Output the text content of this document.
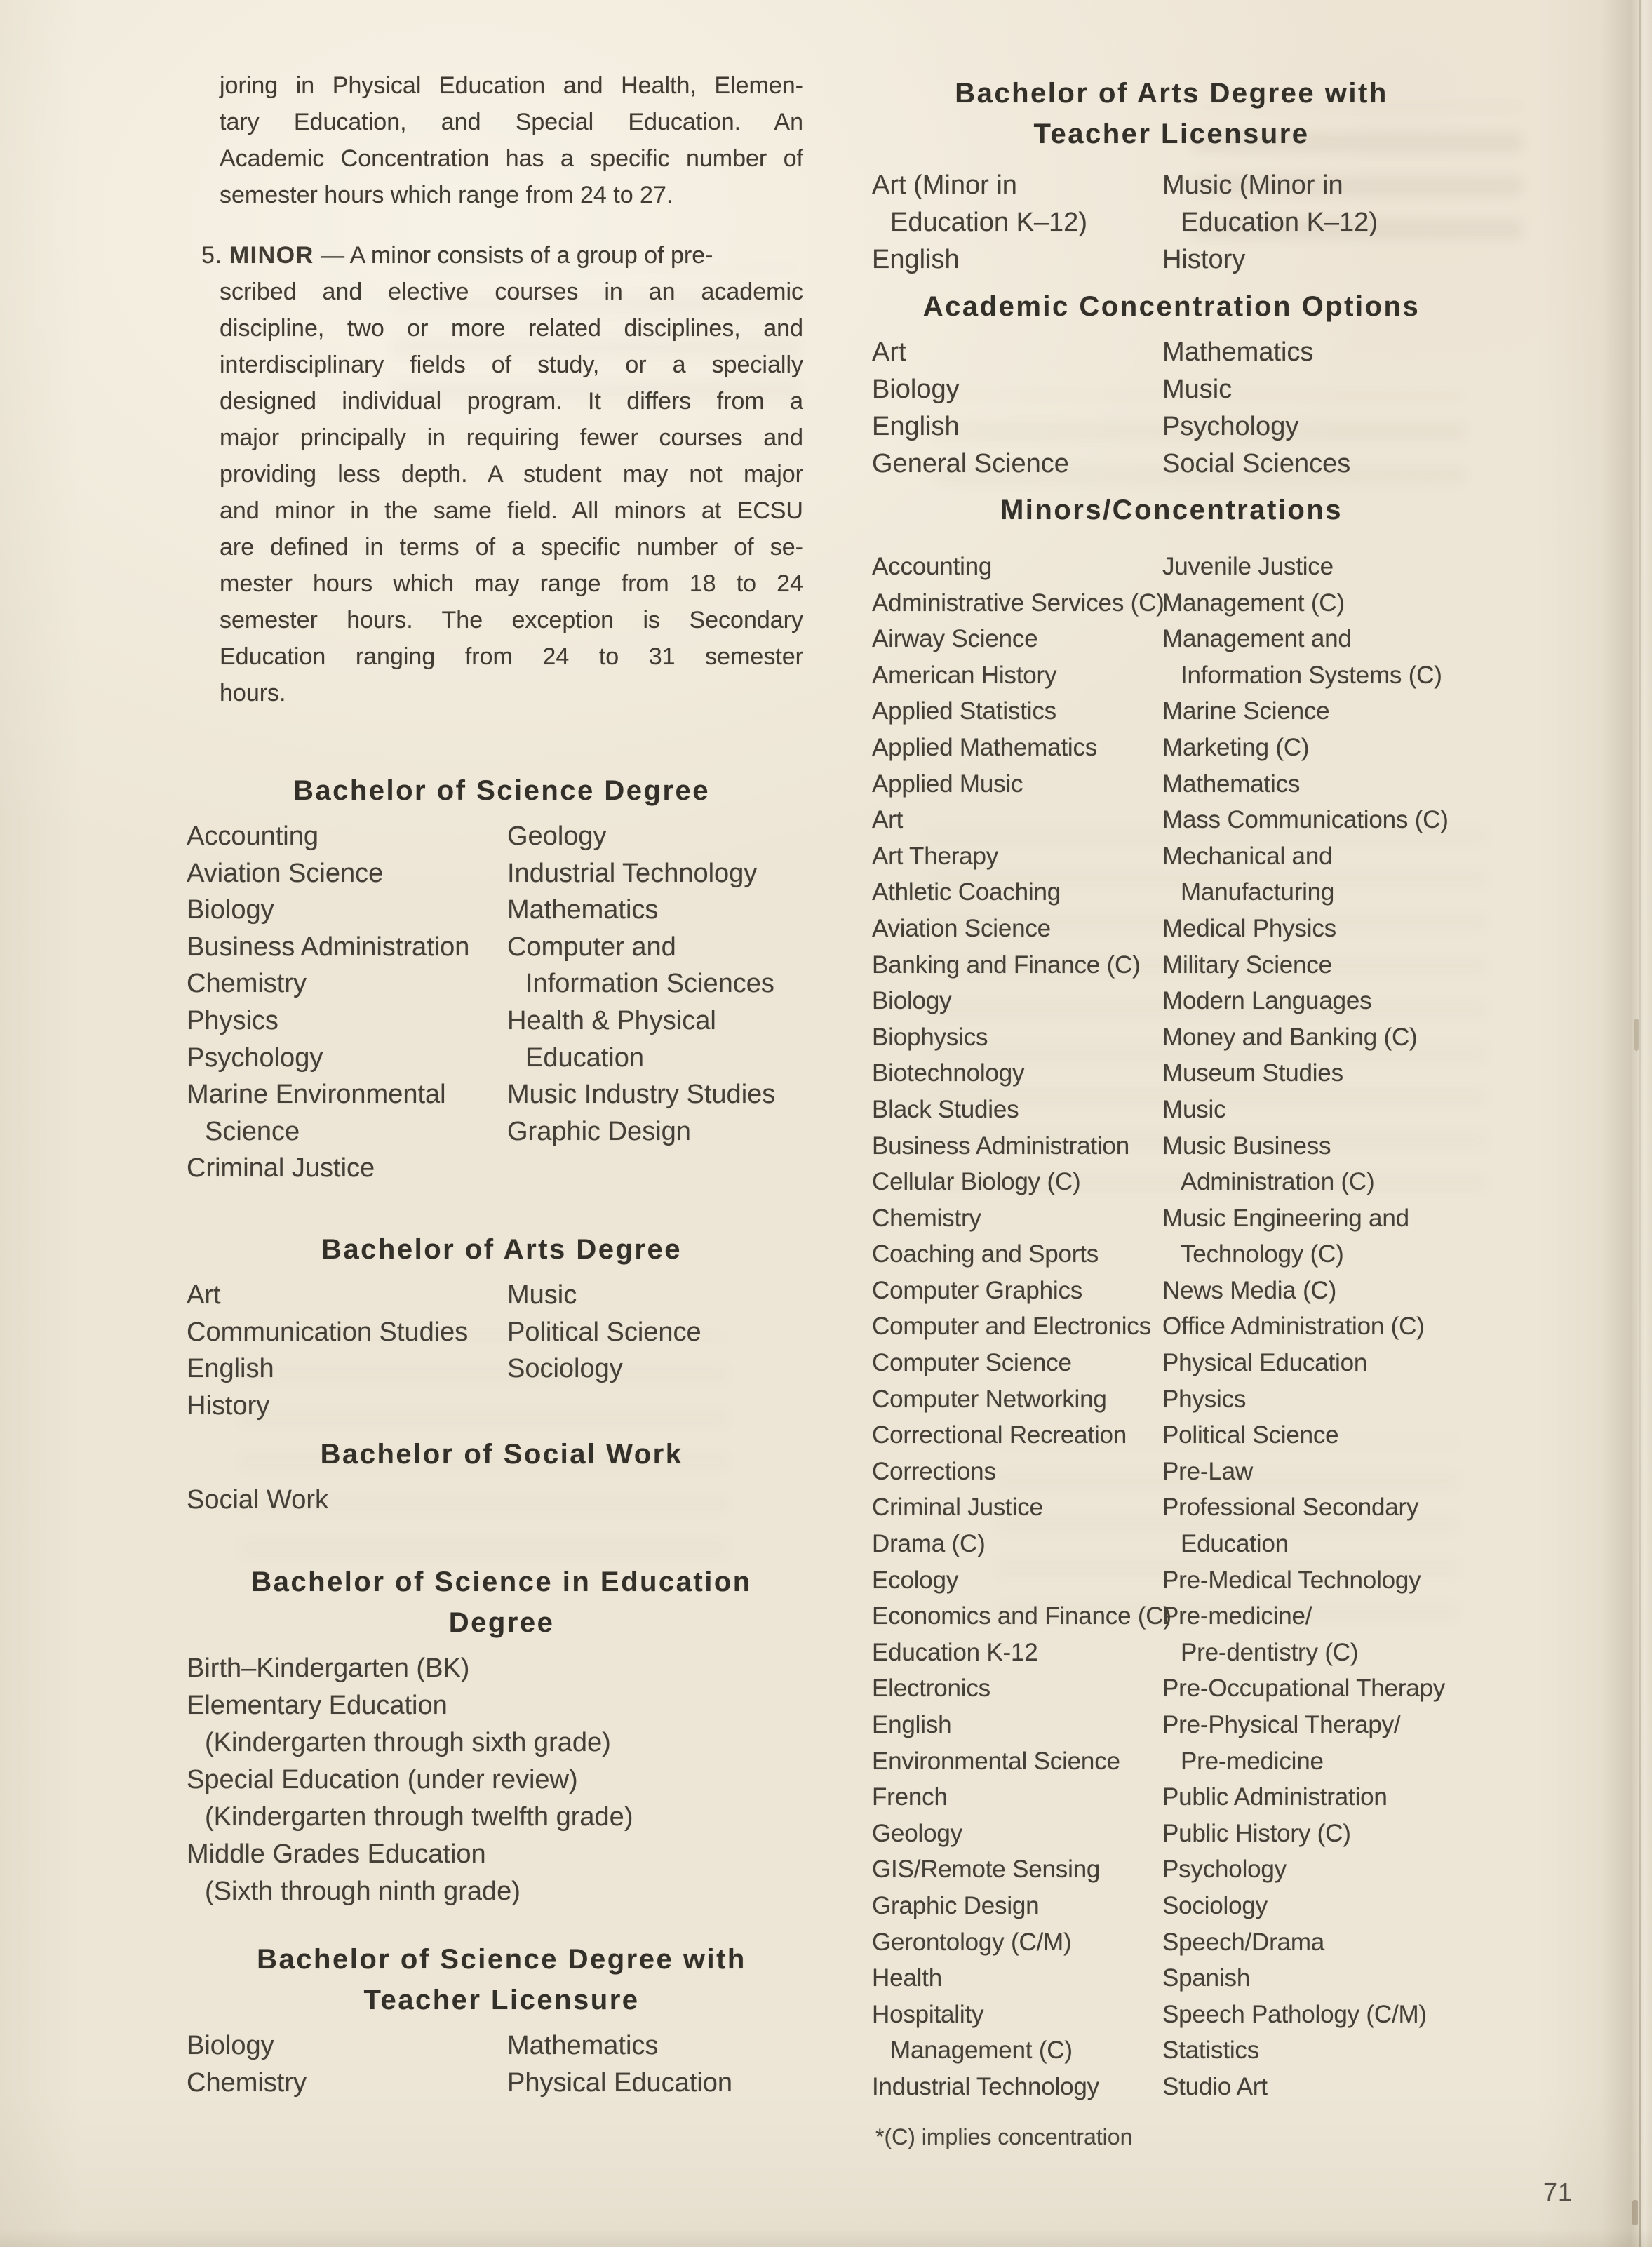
joring in Physical Education and Health, Elemen-
tary Education, and Special Education. An
Academic Concentration has a specific number of
semester hours which range from 24 to 27.
5. MINOR — A minor consists of a group of pre-
scribed and elective courses in an academic
discipline, two or more related disciplines, and
interdisciplinary fields of study, or a specially
designed individual program. It differs from a
major principally in requiring fewer courses and
providing less depth. A student may not major
and minor in the same field. All minors at ECSU
are defined in terms of a specific number of se-
mester hours which may range from 18 to 24
semester hours. The exception is Secondary
Education ranging from 24 to 31 semester
hours.
Bachelor of Science Degree
Accounting
Aviation Science
Biology
Business Administration
Chemistry
Physics
Psychology
Marine Environmental
Science
Criminal Justice
Geology
Industrial Technology
Mathematics
Computer and
Information Sciences
Health & Physical
Education
Music Industry Studies
Graphic Design
Bachelor of Arts Degree
Art
Communication Studies
English
History
Music
Political Science
Sociology
Bachelor of Social Work
Social Work
Bachelor of Science in Education
Degree
Birth–Kindergarten (BK)
Elementary Education
(Kindergarten through sixth grade)
Special Education (under review)
(Kindergarten through twelfth grade)
Middle Grades Education
(Sixth through ninth grade)
Bachelor of Science Degree with
Teacher Licensure
Biology
Chemistry
Mathematics
Physical Education
Bachelor of Arts Degree with
Teacher Licensure
Art (Minor in
Education K–12)
English
Music (Minor in
Education K–12)
History
Academic Concentration Options
Art
Biology
English
General Science
Mathematics
Music
Psychology
Social Sciences
Minors/Concentrations
Accounting
Administrative Services (C)
Airway Science
American History
Applied Statistics
Applied Mathematics
Applied Music
Art
Art Therapy
Athletic Coaching
Aviation Science
Banking and Finance (C)
Biology
Biophysics
Biotechnology
Black Studies
Business Administration
Cellular Biology (C)
Chemistry
Coaching and Sports
Computer Graphics
Computer and Electronics
Computer Science
Computer Networking
Correctional Recreation
Corrections
Criminal Justice
Drama (C)
Ecology
Economics and Finance (C)
Education K-12
Electronics
English
Environmental Science
French
Geology
GIS/Remote Sensing
Graphic Design
Gerontology (C/M)
Health
Hospitality
Management (C)
Industrial Technology
Juvenile Justice
Management (C)
Management and
Information Systems (C)
Marine Science
Marketing (C)
Mathematics
Mass Communications (C)
Mechanical and
Manufacturing
Medical Physics
Military Science
Modern Languages
Money and Banking (C)
Museum Studies
Music
Music Business
Administration (C)
Music Engineering and
Technology (C)
News Media (C)
Office Administration (C)
Physical Education
Physics
Political Science
Pre-Law
Professional Secondary
Education
Pre-Medical Technology
Pre-medicine/
Pre-dentistry (C)
Pre-Occupational Therapy
Pre-Physical Therapy/
Pre-medicine
Public Administration
Public History (C)
Psychology
Sociology
Speech/Drama
Spanish
Speech Pathology (C/M)
Statistics
Studio Art
*(C) implies concentration
71
